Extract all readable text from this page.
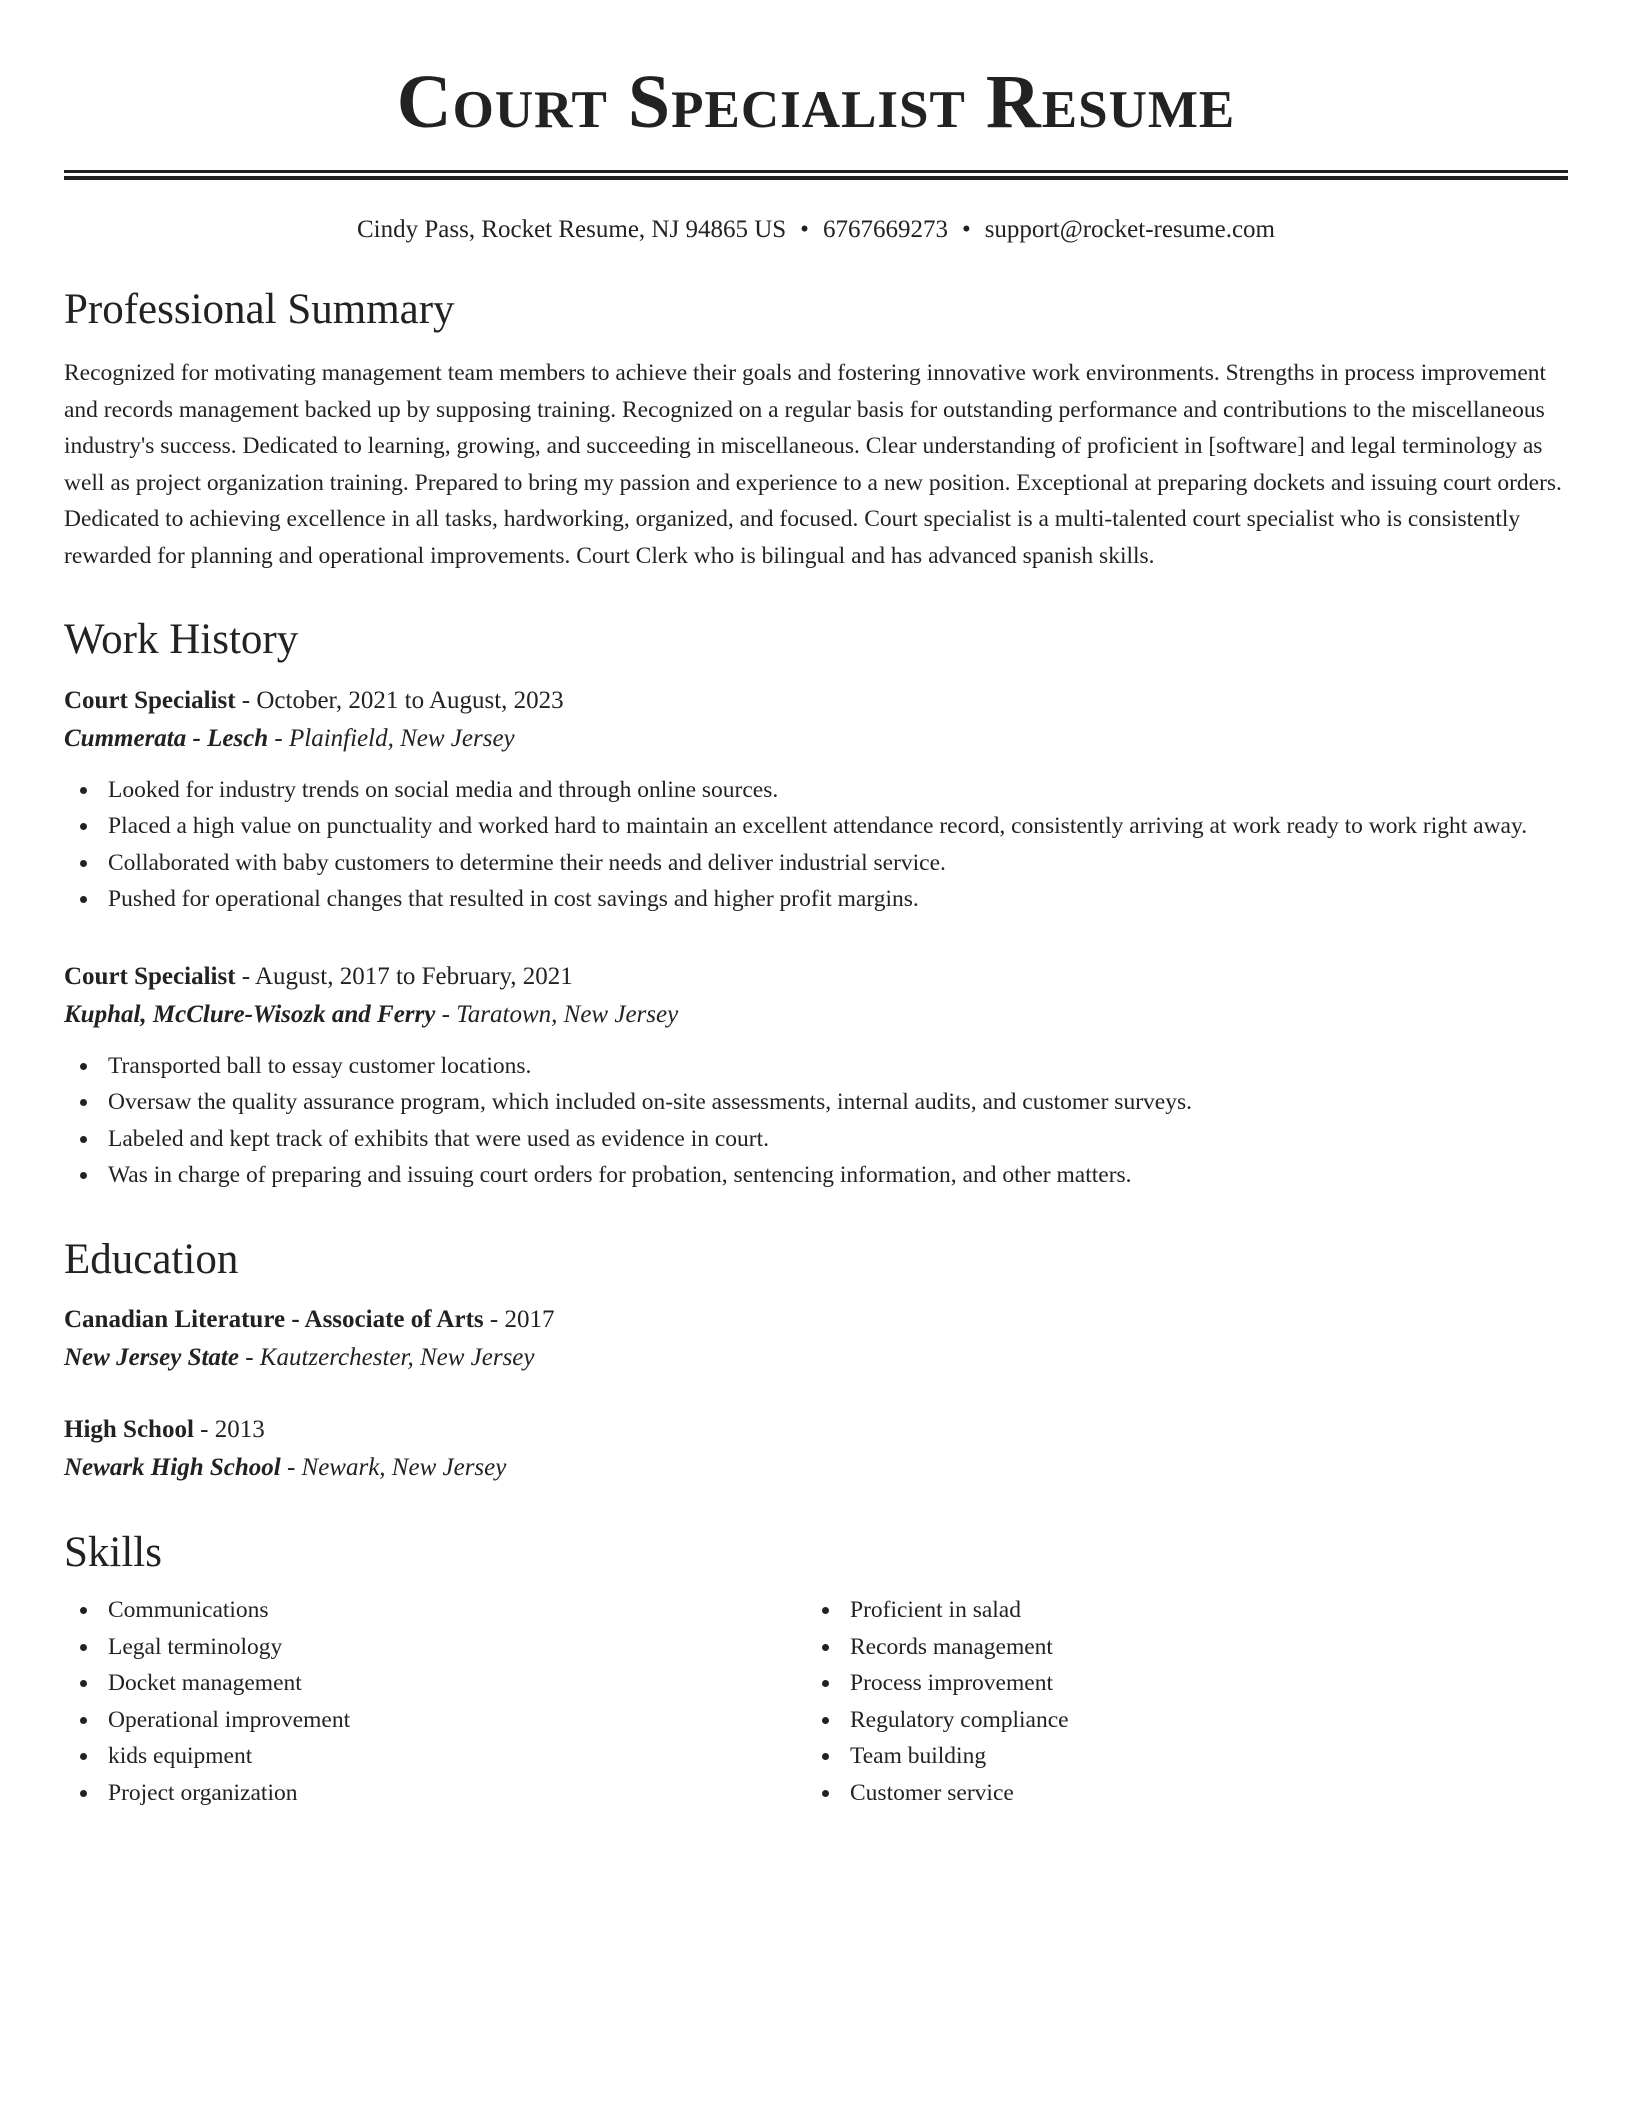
Court Specialist Resume
Cindy Pass, Rocket Resume, NJ 94865 US • 6767669273 • support@rocket-resume.com
Professional Summary

Recognized for motivating management team members to achieve their goals and fostering innovative work environments. Strengths in process improvement and records management backed up by supposing training. Recognized on a regular basis for outstanding performance and contributions to the miscellaneous industry's success. Dedicated to learning, growing, and succeeding in miscellaneous. Clear understanding of proficient in [software] and legal terminology as well as project organization training. Prepared to bring my passion and experience to a new position. Exceptional at preparing dockets and issuing court orders. Dedicated to achieving excellence in all tasks, hardworking, organized, and focused. Court specialist is a multi-talented court specialist who is consistently rewarded for planning and operational improvements. Court Clerk who is bilingual and has advanced spanish skills.

Work History
Court Specialist - October, 2021 to August, 2023
Cummerata - Lesch - Plainfield, New Jersey
Looked for industry trends on social media and through online sources.
Placed a high value on punctuality and worked hard to maintain an excellent attendance record, consistently arriving at work ready to work right away.
Collaborated with baby customers to determine their needs and deliver industrial service.
Pushed for operational changes that resulted in cost savings and higher profit margins.
Court Specialist - August, 2017 to February, 2021
Kuphal, McClure-Wisozk and Ferry - Taratown, New Jersey
Transported ball to essay customer locations.
Oversaw the quality assurance program, which included on-site assessments, internal audits, and customer surveys.
Labeled and kept track of exhibits that were used as evidence in court.
Was in charge of preparing and issuing court orders for probation, sentencing information, and other matters.
Education
Canadian Literature - Associate of Arts - 2017
New Jersey State - Kautzerchester, New Jersey
High School - 2013
Newark High School - Newark, New Jersey
Skills
Communications
Legal terminology
Docket management
Operational improvement
kids equipment
Project organization
Proficient in salad
Records management
Process improvement
Regulatory compliance
Team building
Customer service
